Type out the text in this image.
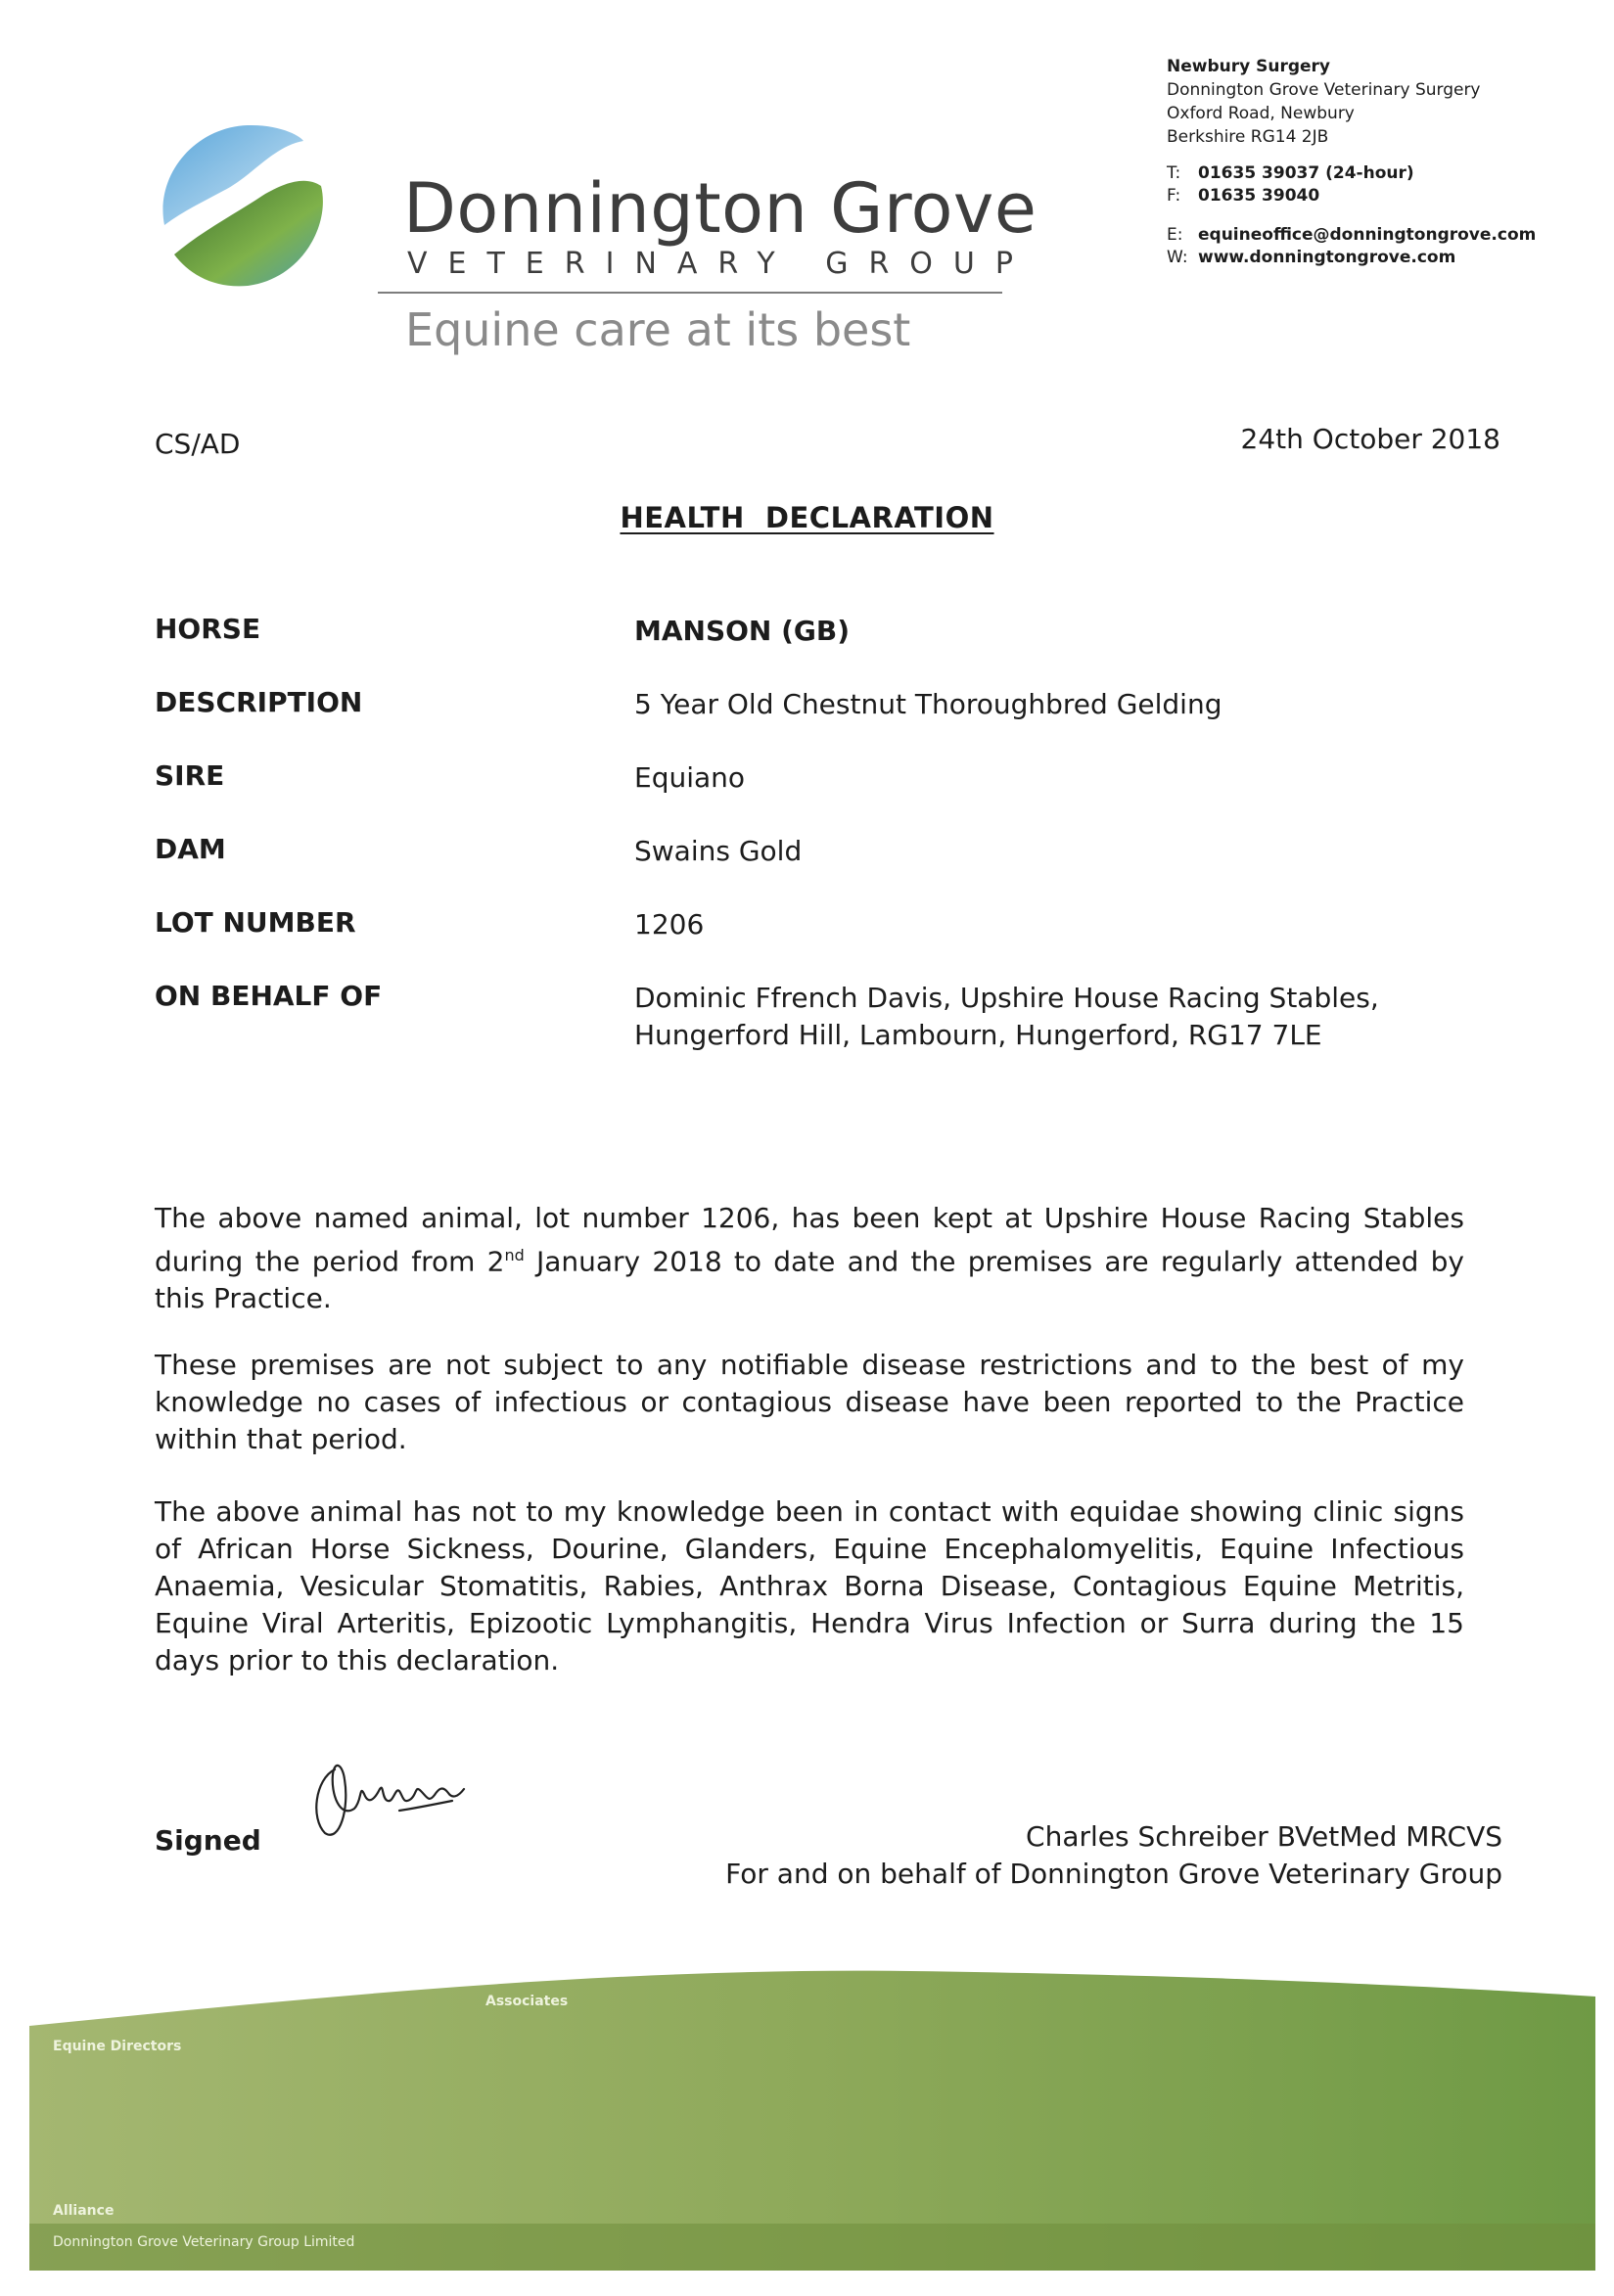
Donnington Grove
VETERINARY GROUP
Equine care at its best
Newbury Surgery
Donnington Grove Veterinary Surgery
Oxford Road, Newbury
Berkshire RG14 2JB
T: 01635 39037 (24-hour)
F: 01635 39040
E: equineoffice@donningtongrove.com
W: www.donningtongrove.com
CS/AD	24th October 2018
HEALTH  DECLARATION
HORSE	MANSON (GB)
DESCRIPTION	5 Year Old Chestnut Thoroughbred Gelding
SIRE	Equiano
DAM	Swains Gold
LOT NUMBER	1206
ON BEHALF OF	Dominic Ffrench Davis, Upshire House Racing Stables,
Hungerford Hill, Lambourn, Hungerford, RG17 7LE
The above named animal, lot number 1206, has been kept at Upshire House Racing Stables during the period from 2nd January 2018 to date and the premises are regularly attended by this Practice.
These premises are not subject to any notifiable disease restrictions and to the best of my knowledge no cases of infectious or contagious disease have been reported to the Practice within that period.
The above animal has not to my knowledge been in contact with equidae showing clinic signs of African Horse Sickness, Dourine, Glanders, Equine Encephalomyelitis, Equine Infectious Anaemia, Vesicular Stomatitis, Rabies, Anthrax Borna Disease, Contagious Equine Metritis, Equine Viral Arteritis, Epizootic Lymphangitis, Hendra Virus Infection or Surra during the 15 days prior to this declaration.
Signed	Charles Schreiber BVetMed MRCVS
For and on behalf of Donnington Grove Veterinary Group
Equine Directors
Associates
Alliance
Donnington Grove Veterinary Group Limited
